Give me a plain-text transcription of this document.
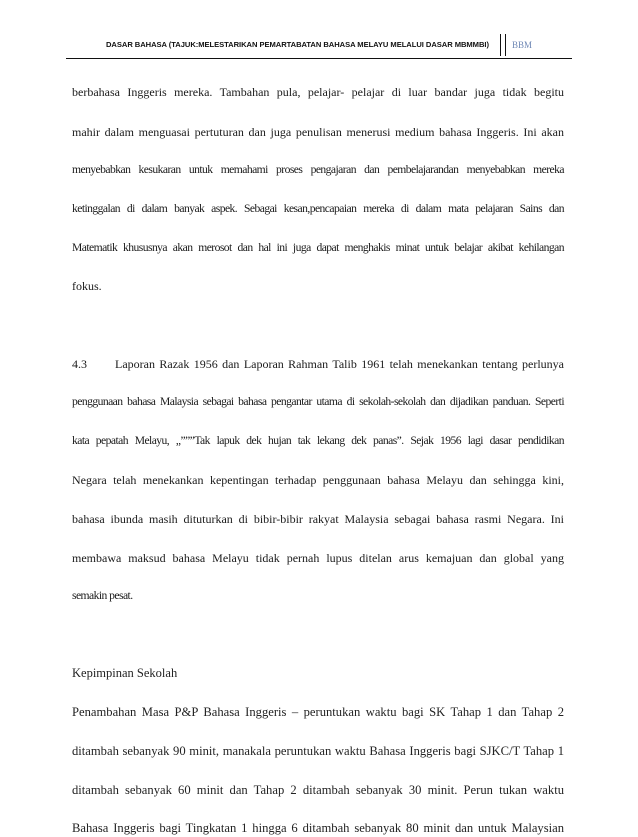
DASAR BAHASA (TAJUK:MELESTARIKAN PEMARTABATAN BAHASA MELAYU MELALUI DASAR MBMMBI)	BBM
berbahasa Inggeris mereka. Tambahan pula, pelajar- pelajar di luar bandar juga tidak begitu
mahir dalam menguasai pertuturan dan juga penulisan menerusi medium bahasa Inggeris. Ini akan
menyebabkan kesukaran untuk memahami proses pengajaran dan pembelajarandan menyebabkan mereka
ketinggalan di dalam banyak aspek. Sebagai kesan,pencapaian mereka di dalam mata pelajaran Sains dan
Matematik khususnya akan merosot dan hal ini juga dapat menghakis minat untuk belajar akibat kehilangan
fokus.
4.3 Laporan Razak 1956 dan Laporan Rahman Talib 1961 telah menekankan tentang perlunya
penggunaan bahasa Malaysia sebagai bahasa pengantar utama di sekolah-sekolah dan dijadikan panduan. Seperti
kata pepatah Melayu, ,,”””Tak lapuk dek hujan tak lekang dek panas”. Sejak 1956 lagi dasar pendidikan
Negara telah menekankan kepentingan terhadap penggunaan bahasa Melayu dan sehingga kini,
bahasa ibunda masih dituturkan di bibir-bibir rakyat Malaysia sebagai bahasa rasmi Negara. Ini
membawa maksud bahasa Melayu tidak pernah lupus ditelan arus kemajuan dan global yang
semakin pesat.
Kepimpinan Sekolah
Penambahan Masa P&P Bahasa Inggeris – peruntukan waktu bagi SK Tahap 1 dan Tahap 2
ditambah sebanyak 90 minit, manakala peruntukan waktu Bahasa Inggeris bagi SJKC/T Tahap 1
ditambah sebanyak 60 minit dan Tahap 2 ditambah sebanyak 30 minit. Perun tukan waktu
Bahasa Inggeris bagi Tingkatan 1 hingga 6 ditambah sebanyak 80 minit dan untuk Malaysian
